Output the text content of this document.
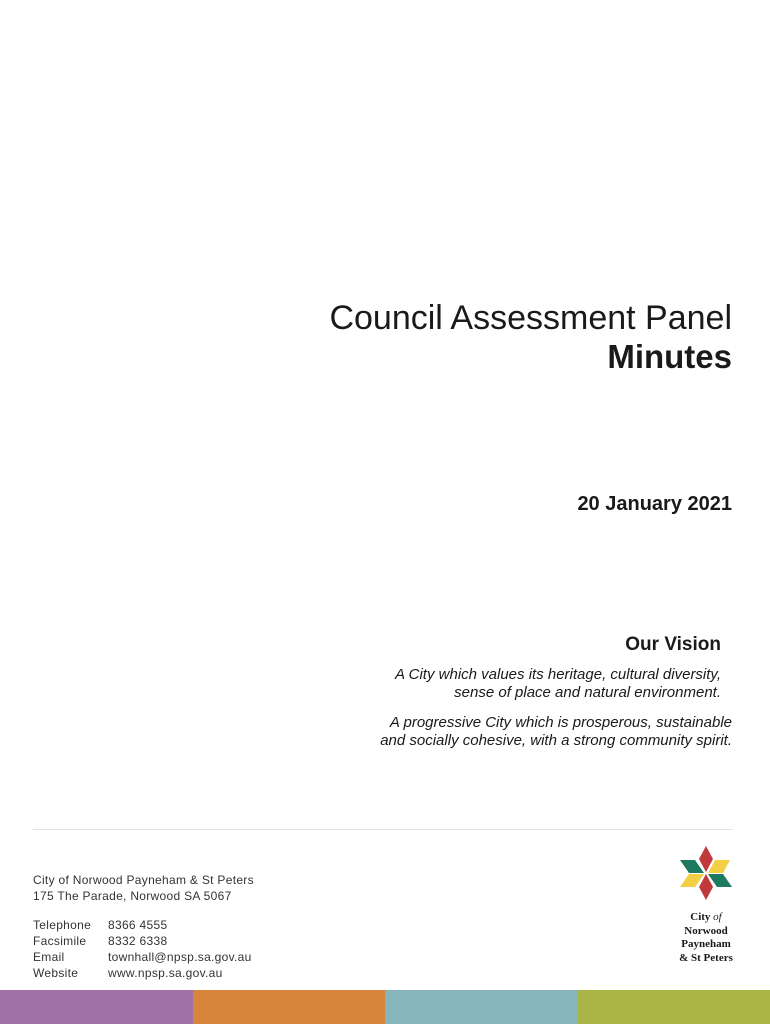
Council Assessment Panel
Minutes
20 January 2021
Our Vision

A City which values its heritage, cultural diversity,
sense of place and natural environment.

A progressive City which is prosperous, sustainable
and socially cohesive, with a strong community spirit.

City of Norwood Payneham & St Peters
175 The Parade, Norwood SA 5067
Telephone	8366 4555
Facsimile	8332 6338
Email	townhall@npsp.sa.gov.au
Website	www.npsp.sa.gov.au
City of
Norwood
Payneham
& St Peters
